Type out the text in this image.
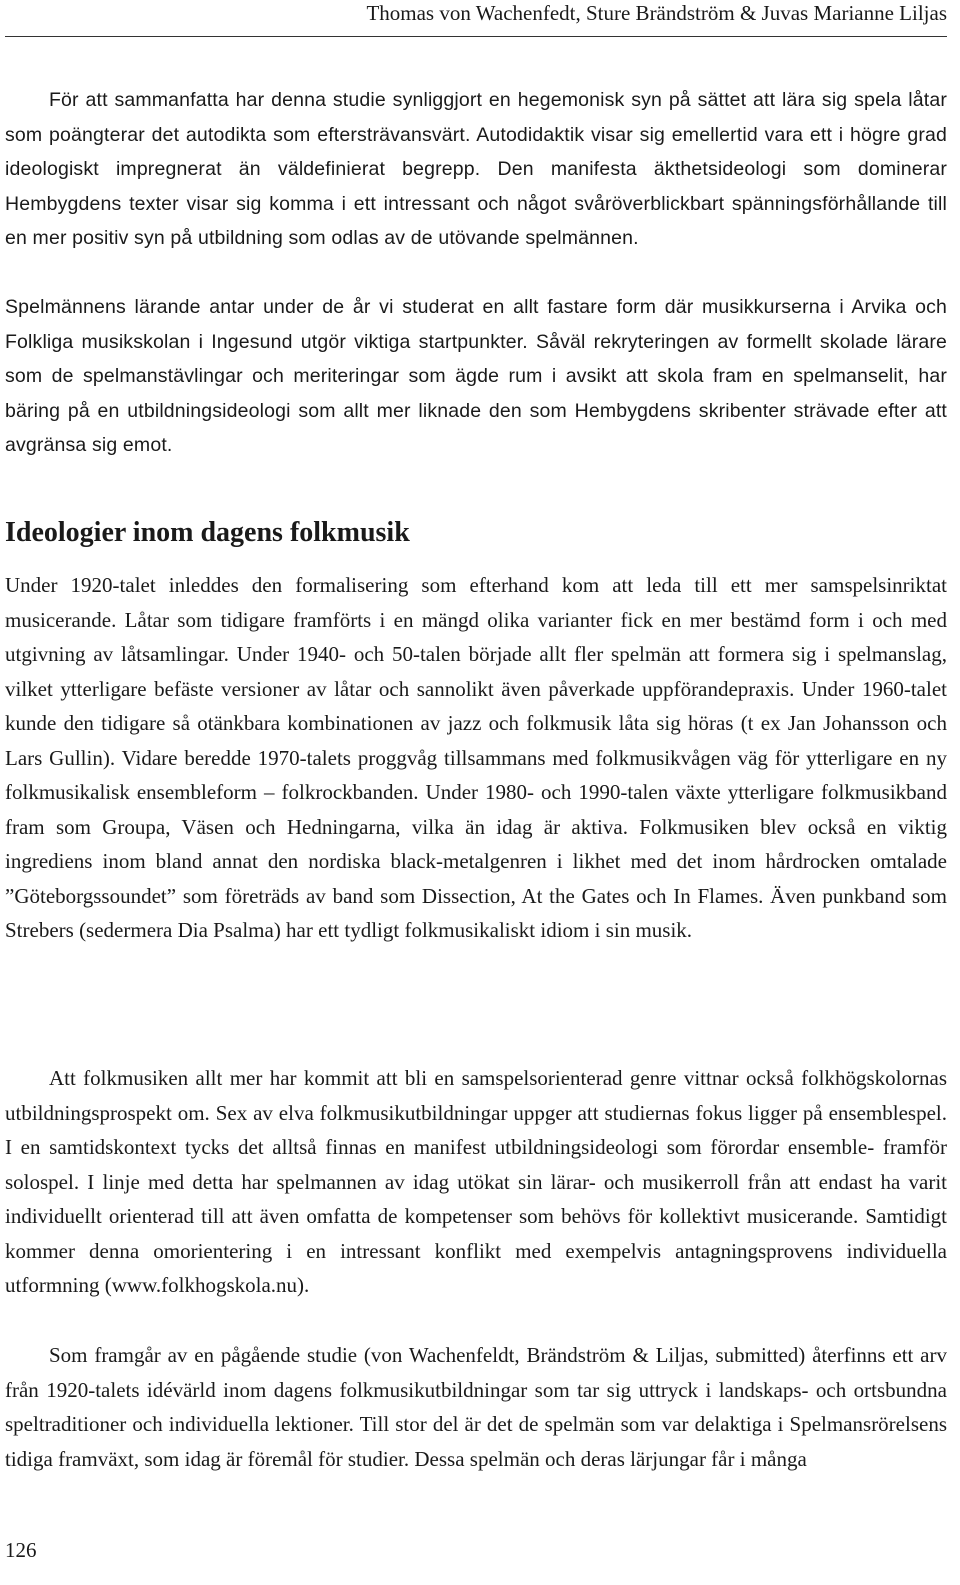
Thomas von Wachenfedt, Sture Brändström & Juvas Marianne Liljas

För att sammanfatta har denna studie synliggjort en hegemonisk syn på sättet att lära sig spela låtar som poängterar det autodikta som eftersträvansvärt. Autodidaktik visar sig emellertid vara ett i högre grad ideologiskt impregnerat än väldefinierat begrepp. Den manifesta äkthetsideologi som dominerar Hembygdens texter visar sig komma i ett intressant och något svåröverblickbart spänningsförhållande till en mer positiv syn på utbildning som odlas av de utövande spelmännen.

Spelmännens lärande antar under de år vi studerat en allt fastare form där musikkurserna i Arvika och Folkliga musikskolan i Ingesund utgör viktiga startpunkter. Såväl rekryteringen av formellt skolade lärare som de spelmanstävlingar och meriteringar som ägde rum i avsikt att skola fram en spelmanselit, har bäring på en utbildningsideologi som allt mer liknade den som Hembygdens skribenter strävade efter att avgränsa sig emot.

Ideologier inom dagens folkmusik

Under 1920-talet inleddes den formalisering som efterhand kom att leda till ett mer samspelsinriktat musicerande. Låtar som tidigare framförts i en mängd olika varianter fick en mer bestämd form i och med utgivning av låtsamlingar. Under 1940- och 50-talen började allt fler spelmän att formera sig i spelmanslag, vilket ytterligare befäste versioner av låtar och sannolikt även påverkade uppförandepraxis. Under 1960-talet kunde den tidigare så otänkbara kombinationen av jazz och folkmusik låta sig höras (t ex Jan Johansson och Lars Gullin). Vidare beredde 1970-talets proggvåg tillsammans med folkmusikvågen väg för ytterligare en ny folkmusikalisk ensembleform – folkrockbanden. Under 1980- och 1990-talen växte ytterligare folkmusikband fram som Groupa, Väsen och Hedningarna, vilka än idag är aktiva. Folkmusiken blev också en viktig ingrediens inom bland annat den nordiska black-metalgenren i likhet med det inom hårdrocken omtalade ”Göteborgssoundet” som företräds av band som Dissection, At the Gates och In Flames. Även punkband som Strebers (sedermera Dia Psalma) har ett tydligt folkmusikaliskt idiom i sin musik.

Att folkmusiken allt mer har kommit att bli en samspelsorienterad genre vittnar också folkhögskolornas utbildningsprospekt om. Sex av elva folkmusikutbildningar uppger att studiernas fokus ligger på ensemblespel. I en samtidskontext tycks det alltså finnas en manifest utbildningsideologi som förordar ensemble- framför solospel. I linje med detta har spelmannen av idag utökat sin lärar- och musikerroll från att endast ha varit individuellt orienterad till att även omfatta de kompetenser som behövs för kollektivt musicerande. Samtidigt kommer denna omorientering i en intressant konflikt med exempelvis antagningsprovens individuella utformning (www.folkhogskola.nu).

Som framgår av en pågående studie (von Wachenfeldt, Brändström & Liljas, submitted) återfinns ett arv från 1920-talets idévärld inom dagens folkmusikutbildningar som tar sig uttryck i landskaps- och ortsbundna speltraditioner och individuella lektioner. Till stor del är det de spelmän som var delaktiga i Spelmansrörelsens tidiga framväxt, som idag är föremål för studier. Dessa spelmän och deras lärjungar får i många

126
